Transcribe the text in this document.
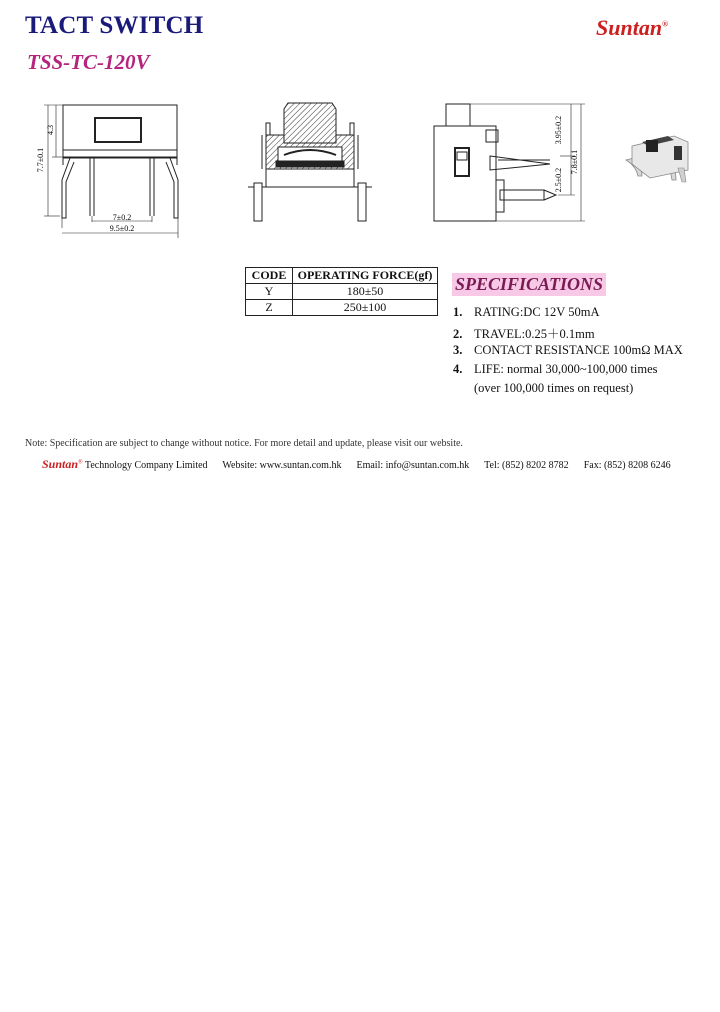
TACT SWITCH	Suntan®
TSS-TC-120V
7.7±0.1
4.3
7±0.2
9.5±0.2
3.95±0.2
7.8±0.1
2.5±0.2
CODE	OPERATING FORCE(gf)
Y	180±50
Z	250±100
SPECIFICATIONS
1. RATING:DC 12V 50mA
2. TRAVEL:0.25＋0.1mm
3. CONTACT RESISTANCE 100mΩ MAX
4. LIFE: normal 30,000~100,000 times
(over 100,000 times on request)
Note: Specification are subject to change without notice. For more detail and update, please visit our website.
Suntan® Technology Company Limited Website: www.suntan.com.hk Email: info@suntan.com.hk Tel: (852) 8202 8782 Fax: (852) 8208 6246
